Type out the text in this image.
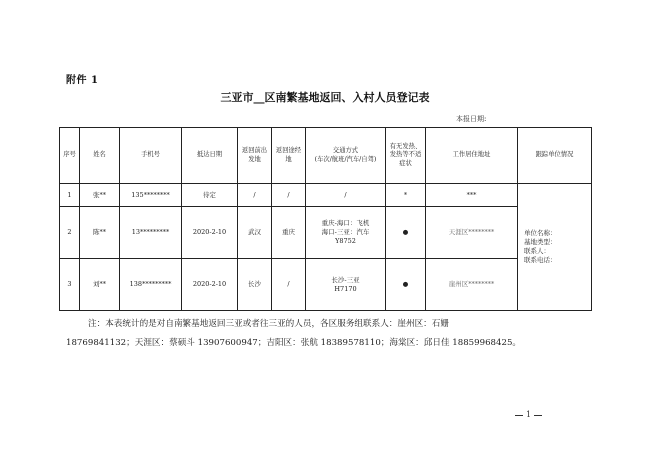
附件 1
三亚市__区南繁基地返回、入村人员登记表
本报日期:
序号	姓名	手机号	抵达日期	返回前出发地	返回途经地	交通方式
(车次/航班/汽车/自驾)	有无发热、发热等不适症状	工作居住地址	跟踪单位情况
1	张**	135********	待定	/	/	/	*	***	单位名称：
基地类型：
联系人：
联系电话：
2	陈**	13*********	2020-2-10	武汉	重庆	重庆-海口：飞机
海口-三亚：汽车
Y8752	●	天涯区********	
3	刘**	138*********	2020-2-10	长沙	/	长沙-三亚
H7170	●	崖州区********	
注：本表统计的是对自南繁基地返回三亚或者往三亚的人员，各区服务组联系人：崖州区：石姗
18769841132；天涯区：蔡硕斗 13907600947；吉阳区：张航 18389578110；海棠区：邱日佳 18859968425。
1
